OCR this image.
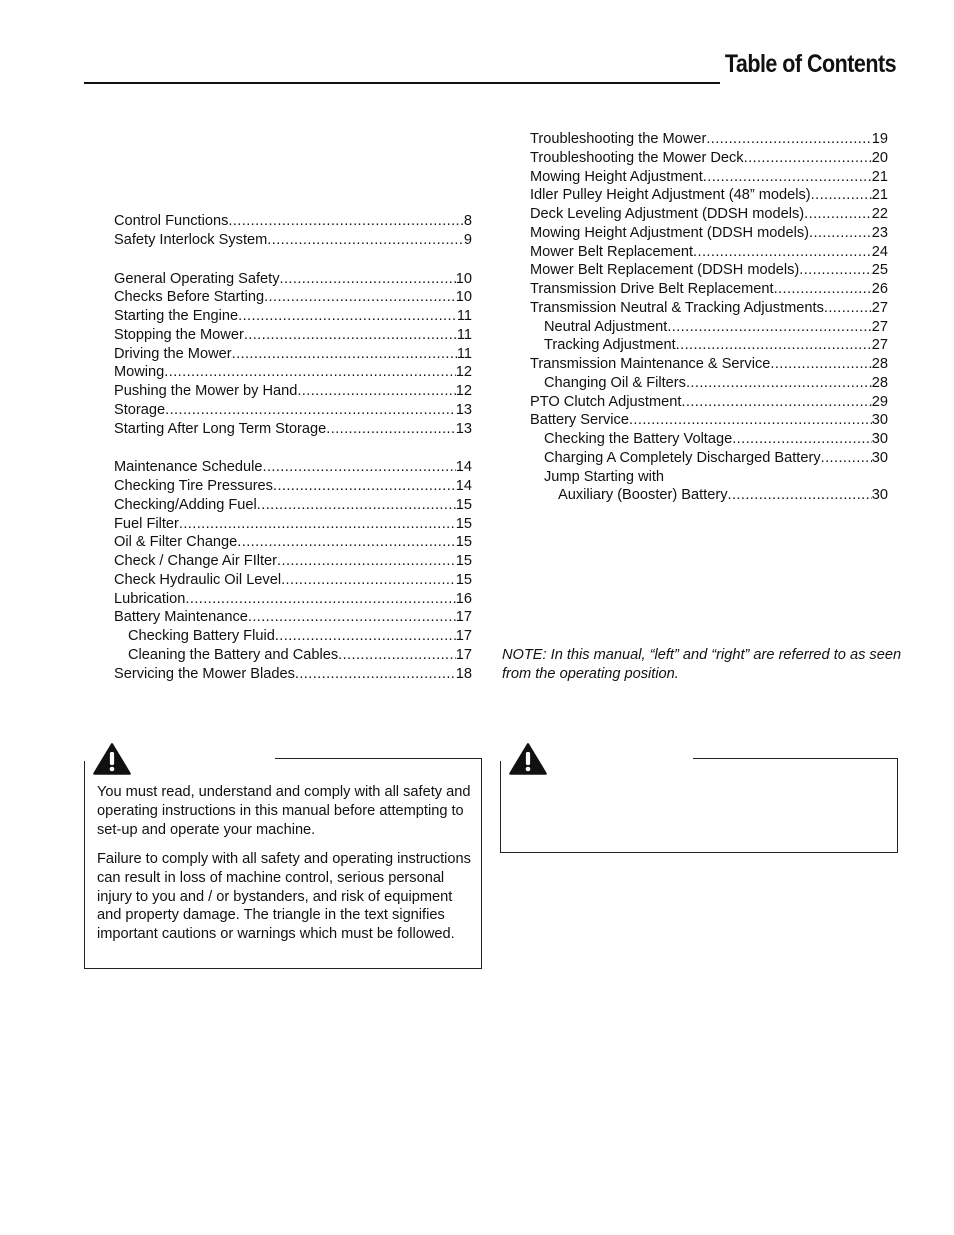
Table of Contents
Control Functions .....	8
Safety Interlock System .....	9
General Operating Safety .....	10
Checks Before Starting .....	10
Starting the Engine .....	11
Stopping the Mower .....	11
Driving the Mower .....	11
Mowing .....	12
Pushing the Mower by Hand .....	12
Storage .....	13
Starting After Long Term Storage .....	13
Maintenance Schedule .....	14
Checking Tire Pressures .....	14
Checking/Adding Fuel .....	15
Fuel Filter .....	15
Oil & Filter Change .....	15
Check / Change Air FIlter .....	15
Check Hydraulic Oil Level .....	15
Lubrication .....	16
Battery Maintenance .....	17
Checking Battery Fluid .....	17
Cleaning the Battery and Cables .....	17
Servicing the Mower Blades .....	18
Troubleshooting the Mower .....	19
Troubleshooting the Mower Deck .....	20
Mowing Height Adjustment .....	21
Idler Pulley Height Adjustment (48” models) .....	21
Deck Leveling Adjustment (DDSH models) .....	22
Mowing Height Adjustment (DDSH models) .....	23
Mower Belt Replacement .....	24
Mower Belt Replacement (DDSH models) .....	25
Transmission Drive Belt Replacement .....	26
Transmission Neutral & Tracking Adjustments .....	27
Neutral Adjustment .....	27
Tracking Adjustment .....	27
Transmission Maintenance & Service .....	28
Changing Oil & Filters .....	28
PTO Clutch Adjustment .....	29
Battery Service .....	30
Checking the Battery Voltage .....	30
Charging A Completely Discharged Battery .....	30
Jump Starting with
Auxiliary (Booster) Battery .....	30
NOTE: In this manual, “left” and “right” are referred to as seen from the operating position.

You must read, understand and comply with all safety and operating instructions in this manual before attempting to set-up and operate your machine.

Failure to comply with all safety and operating instructions can result in loss of machine control, serious personal injury to you and / or bystanders, and risk of equipment and property damage. The triangle in the text signifies important cautions or warnings which must be followed.
